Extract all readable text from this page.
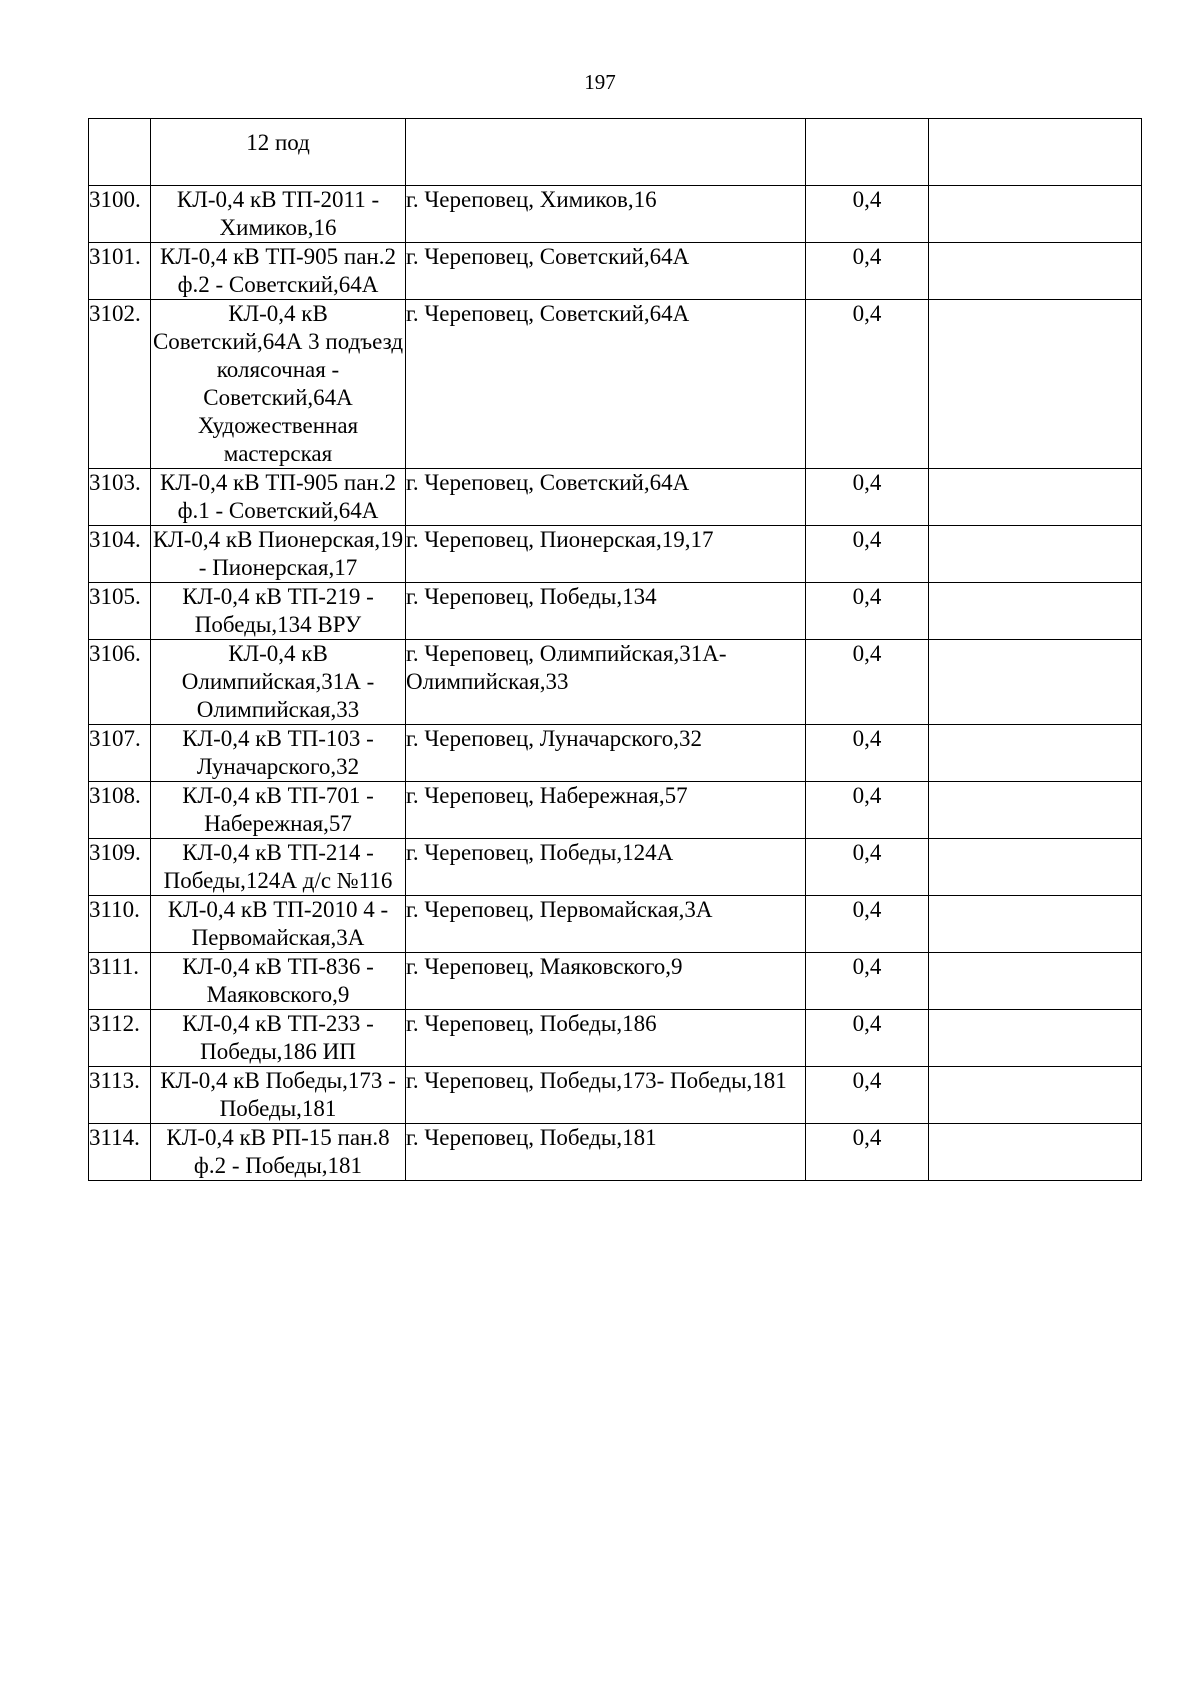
197
	12 под			
3100.	КЛ-0,4 кВ ТП-2011 - Химиков,16	г. Череповец, Химиков,16	0,4	
3101.	КЛ-0,4 кВ ТП-905 пан.2 ф.2 - Советский,64А	г. Череповец, Советский,64А	0,4	
3102.	КЛ-0,4 кВ Советский,64А 3 подъезд колясочная - Советский,64А Художественная мастерская	г. Череповец, Советский,64А	0,4	
3103.	КЛ-0,4 кВ ТП-905 пан.2 ф.1 - Советский,64А	г. Череповец, Советский,64А	0,4	
3104.	КЛ-0,4 кВ Пионерская,19 - Пионерская,17	г. Череповец, Пионерская,19,17	0,4	
3105.	КЛ-0,4 кВ ТП-219 - Победы,134 ВРУ	г. Череповец, Победы,134	0,4	
3106.	КЛ-0,4 кВ Олимпийская,31А - Олимпийская,33	г. Череповец, Олимпийская,31А- Олимпийская,33	0,4	
3107.	КЛ-0,4 кВ ТП-103 - Луначарского,32	г. Череповец, Луначарского,32	0,4	
3108.	КЛ-0,4 кВ ТП-701 - Набережная,57	г. Череповец, Набережная,57	0,4	
3109.	КЛ-0,4 кВ ТП-214 - Победы,124А д/с №116	г. Череповец, Победы,124А	0,4	
3110.	КЛ-0,4 кВ ТП-2010 4 - Первомайская,3А	г. Череповец, Первомайская,3А	0,4	
3111.	КЛ-0,4 кВ ТП-836 - Маяковского,9	г. Череповец, Маяковского,9	0,4	
3112.	КЛ-0,4 кВ ТП-233 - Победы,186 ИП	г. Череповец, Победы,186	0,4	
3113.	КЛ-0,4 кВ Победы,173 - Победы,181	г. Череповец, Победы,173- Победы,181	0,4	
3114.	КЛ-0,4 кВ РП-15 пан.8 ф.2 - Победы,181	г. Череповец, Победы,181	0,4	
